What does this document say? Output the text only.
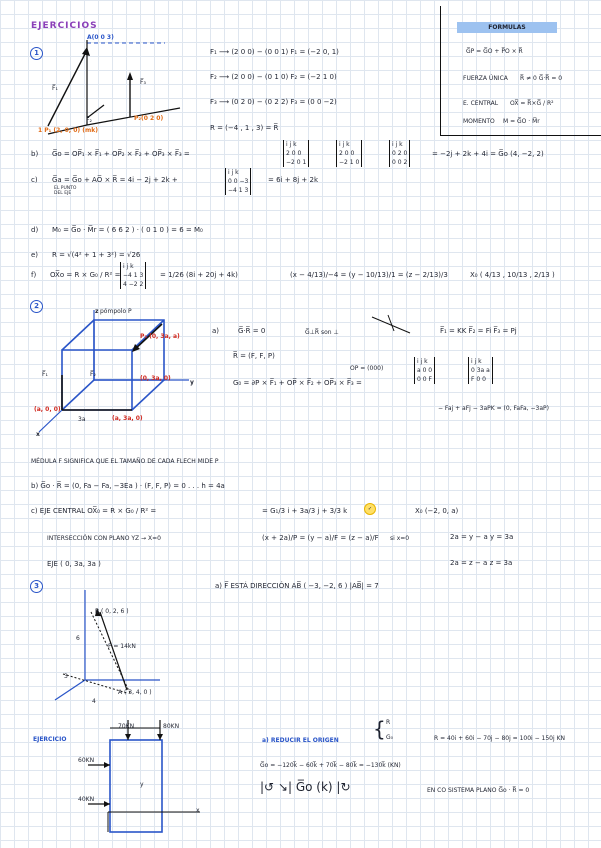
EJERCICIOS	FORMULAS
G̅P = G̅O + P̅O × R̅
FUERZA ÚNICA R̅ ≠ 0 G̅·R̅ = 0
E. CENTRAL OX̅ = R̅×G̅ / R²
MOMENTO M = G̅O · M̅r
1
A(0 0 3)
1 P₁ (2, 0, 0) (mk)
P₂(0 2 0)
F̅₁
F̅₂
F̅₃
F₁ ⟶ (2 0 0) − (0 0 1) F₁ = (−2 0, 1)
F₂ ⟶ (2 0 0) − (0 1 0) F₂ = (−2 1 0)
F₃ ⟶ (0 2 0) − (0 2 2) F₃ = (0 0 −2)
R = (−4 , 1 , 3) = R̅
b) G̅o = OP̅₁ × F̅₁ + OP̅₂ × F̅₂ + OP̅₃ × F̅₃ =
i j k
2 0 0
−2 0 1
i j k
2 0 0
−2 1 0
i j k
0 2 0
0 0 2
= −2j + 2k + 4i = G̅o (4, −2, 2)
c) G̅a = G̅o + AO̅ × R̅ = 4i − 2j + 2k +
EL PUNTO DEL EJE
i j k
0 0 −3
−4 1 3
= 6i + 8j + 2k
d) M₀ = G̅o · M̅r = ( 6 6 2 ) · ( 0 1 0 ) = 6 = M₀
e) R = √(4² + 1 + 3²) = √26
f) OX̅o = R × G₀ / R² =
i j k
−4 1 3
4 −2 2
= 1/26 (8i + 20j + 4k)	(x − 4/13)/−4 = (y − 10/13)/1 = (z − 2/13)/3	X₀ ( 4/13 , 10/13 , 2/13 )
2
pómpolo P
z
y
x
P₂ (0, 3a, a)
(0, 3a, 0)
(a, 3a, 0)
(a, 0, 0)
3a
F̅₁	F̅₂
a)	G̅·R̅ = 0	G̅⊥R̅ son ⊥	F̅₁ = KK F̅₂ = Fi F̅₃ = Pj
R̅ = (F, F, P)
OP = (000)
G₀ = ∂P × F̅₁ + OP̅ × F̅₂ + OP̅₃ × F̅₃ =
i j k
a 0 0
0 0 F
i j k
0 3a a
F 0 0
− Faj + aFj − 3aPK = (0, FaFa, −3aP)
MÉDULA F SIGNIFICA QUE EL TAMAÑO DE CADA FLECH MIDE P
b) G̅o · R̅ = (0, Fa − Fa, −3Ea ) · (F, F, P) = 0 . . . h = 4a
c) EJE CENTRAL OX̅₀ = R × G₀ / R² =	= G₁/3 i + 3a/3 j + 3/3 k	✓	X₀ (−2, 0, a)
INTERSECCIÓN CON PLANO YZ → X=0	(x + 2a)/P = (y − a)/F = (z − a)/F si x=0	2a = y − a y = 3a
2a = z − a z = 3a
EJE ( 0, 3a, 3a )
3
B ( 0, 2, 6 )
F = 14kN
6
3
4
A ( 3, 4, 0 )
a) F̅ ESTÁ DIRECCIÓN AB̅ ( −3, −2, 6 ) |AB̅| = 7
EJERCICIO
70KN	80KN
60KN
40KN
y
x
a) REDUCIR EL ORIGEN { R
G₀	R = 40i + 60i − 70j − 80j = 100i − 150j KN
G̅o = −120k̅ − 60k̅ + 70k̅ − 80k̅ = −130k̅ (KN)
|↺ ↘| G̅o (k) |↻	EN CO SISTEMA PLANO G̅o · R̅ = 0
